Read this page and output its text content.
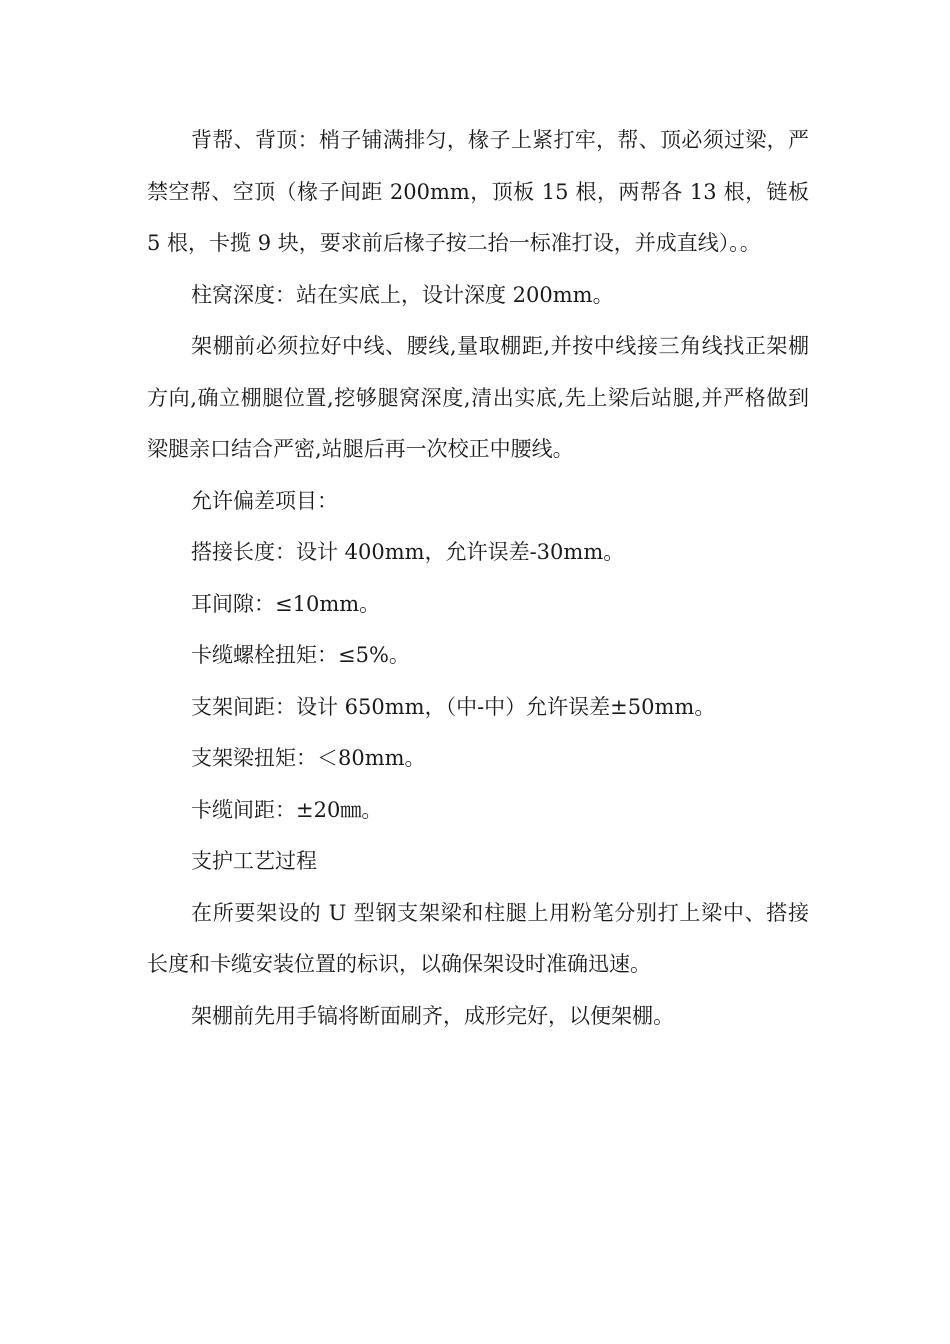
背帮、背顶：梢子铺满排匀，椽子上紧打牢，帮、顶必须过梁，严禁空帮、空顶（椽子间距 200mm，顶板 15 根，两帮各 13 根，链板 5 根，卡揽 9 块，要求前后椽子按二抬一标准打设，并成直线）。。

柱窝深度：站在实底上，设计深度 200mm。

架棚前必须拉好中线、腰线,量取棚距,并按中线接三角线找正架棚方向,确立棚腿位置,挖够腿窝深度,清出实底,先上梁后站腿,并严格做到梁腿亲口结合严密,站腿后再一次校正中腰线。

允许偏差项目：

搭接长度：设计 400mm，允许误差-30mm。

耳间隙：≤10mm。

卡缆螺栓扭矩：≤5%。

支架间距：设计 650mm，（中-中）允许误差±50mm。

支架梁扭矩：＜80mm。

卡缆间距：±20㎜。

支护工艺过程

在所要架设的 U 型钢支架梁和柱腿上用粉笔分别打上梁中、搭接长度和卡缆安装位置的标识，以确保架设时准确迅速。

架棚前先用手镐将断面刷齐，成形完好，以便架棚。
